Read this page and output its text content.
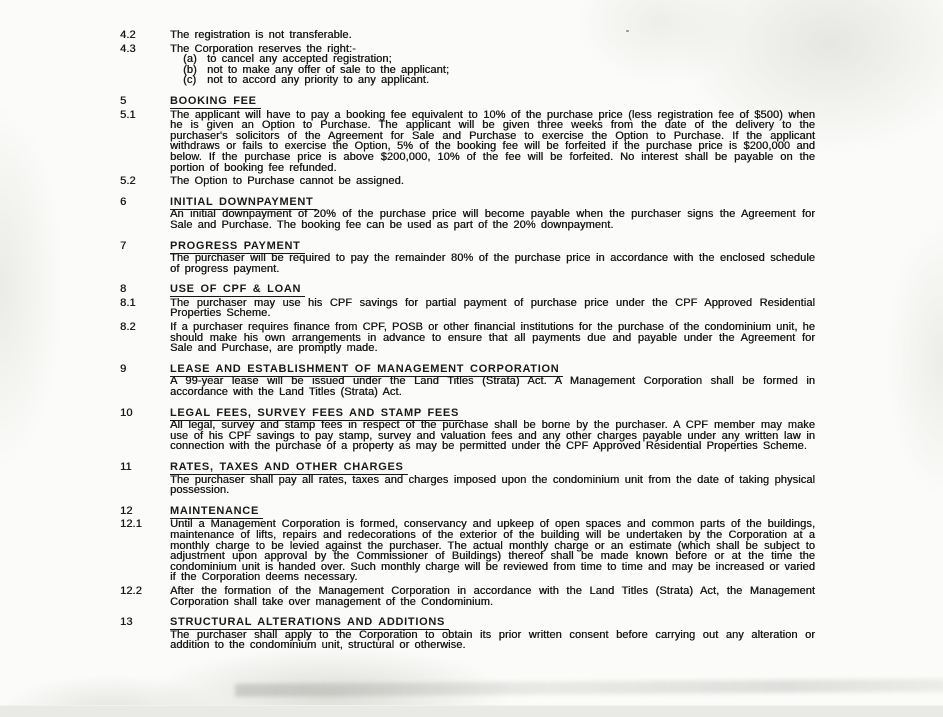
4.2	The registration is not transferable.
4.3	The Corporation reserves the right:-
(a) to cancel any accepted registration;
(b) not to make any offer of sale to the applicant;
(c) not to accord any priority to any applicant.
5	BOOKING FEE
5.1	The applicant will have to pay a booking fee equivalent to 10% of the purchase price (less registration fee of $500) when he is given an Option to Purchase. The applicant will be given three weeks from the date of the delivery to the purchaser's solicitors of the Agreement for Sale and Purchase to exercise the Option to Purchase. If the applicant withdraws or fails to exercise the Option, 5% of the booking fee will be forfeited if the purchase price is $200,000 and below. If the purchase price is above $200,000, 10% of the fee will be forfeited. No interest shall be payable on the portion of booking fee refunded.
5.2	The Option to Purchase cannot be assigned.
6	INITIAL DOWNPAYMENT
An initial downpayment of 20% of the purchase price will become payable when the purchaser signs the Agreement for Sale and Purchase. The booking fee can be used as part of the 20% downpayment.
7	PROGRESS PAYMENT
The purchaser will be required to pay the remainder 80% of the purchase price in accordance with the enclosed schedule of progress payment.
8	USE OF CPF & LOAN
8.1	The purchaser may use his CPF savings for partial payment of purchase price under the CPF Approved Residential Properties Scheme.
8.2	If a purchaser requires finance from CPF, POSB or other financial institutions for the purchase of the condominium unit, he should make his own arrangements in advance to ensure that all payments due and payable under the Agreement for Sale and Purchase, are promptly made.
9	LEASE AND ESTABLISHMENT OF MANAGEMENT CORPORATION
A 99-year lease will be issued under the Land Titles (Strata) Act. A Management Corporation shall be formed in accordance with the Land Titles (Strata) Act.
10	LEGAL FEES, SURVEY FEES AND STAMP FEES
All legal, survey and stamp fees in respect of the purchase shall be borne by the purchaser. A CPF member may make use of his CPF savings to pay stamp, survey and valuation fees and any other charges payable under any written law in connection with the purchase of a property as may be permitted under the CPF Approved Residential Properties Scheme.
11	RATES, TAXES AND OTHER CHARGES
The purchaser shall pay all rates, taxes and charges imposed upon the condominium unit from the date of taking physical possession.
12	MAINTENANCE
12.1	Until a Management Corporation is formed, conservancy and upkeep of open spaces and common parts of the buildings, maintenance of lifts, repairs and redecorations of the exterior of the building will be undertaken by the Corporation at a monthly charge to be levied against the purchaser. The actual monthly charge or an estimate (which shall be subject to adjustment upon approval by the Commissioner of Buildings) thereof shall be made known before or at the time the condominium unit is handed over. Such monthly charge will be reviewed from time to time and may be increased or varied if the Corporation deems necessary.
12.2	After the formation of the Management Corporation in accordance with the Land Titles (Strata) Act, the Management Corporation shall take over management of the Condominium.
13	STRUCTURAL ALTERATIONS AND ADDITIONS
The purchaser shall apply to the Corporation to obtain its prior written consent before carrying out any alteration or addition to the condominium unit, structural or otherwise.
